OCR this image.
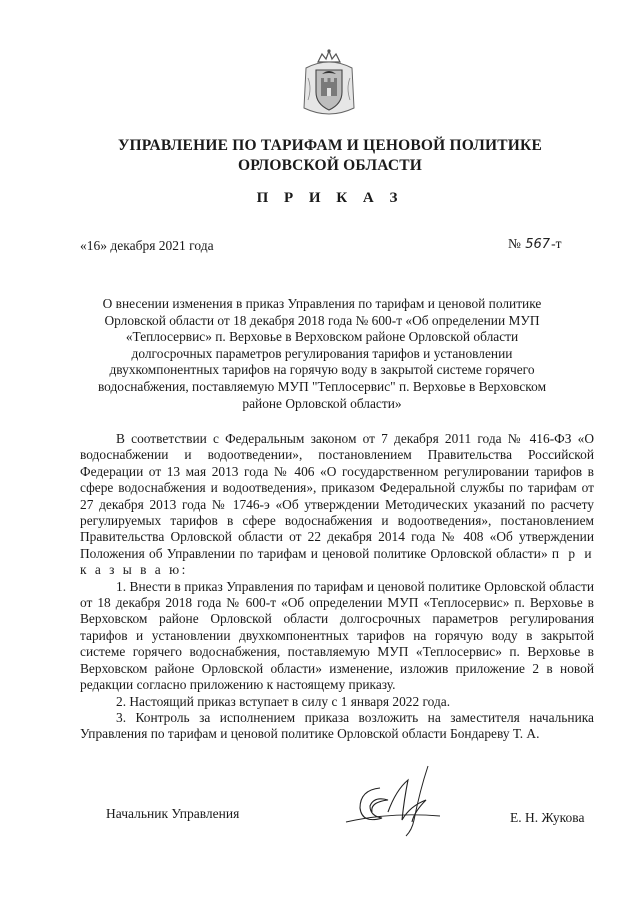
УПРАВЛЕНИЕ ПО ТАРИФАМ И ЦЕНОВОЙ ПОЛИТИКЕ
ОРЛОВСКОЙ ОБЛАСТИ
П Р И К А З
«16» декабря 2021 года	№ 567-т
О внесении изменения в приказ Управления по тарифам и ценовой политике Орловской области от 18 декабря 2018 года № 600-т «Об определении МУП «Теплосервис» п. Верховье в Верховском районе Орловской области долгосрочных параметров регулирования тарифов и установлении двухкомпонентных тарифов на горячую воду в закрытой системе горячего водоснабжения, поставляемую МУП "Теплосервис" п. Верховье в Верховском районе Орловской области»

В соответствии с Федеральным законом от 7 декабря 2011 года № 416-ФЗ «О водоснабжении и водоотведении», постановлением Правительства Российской Федерации от 13 мая 2013 года № 406 «О государственном регулировании тарифов в сфере водоснабжения и водоотведения», приказом Федеральной службы по тарифам от 27 декабря 2013 года № 1746-э «Об утверждении Методических указаний по расчету регулируемых тарифов в сфере водоснабжения и водоотведения», постановлением Правительства Орловской области от 22 декабря 2014 года № 408 «Об утверждении Положения об Управлении по тарифам и ценовой политике Орловской области» п р и к а з ы в а ю:

1. Внести в приказ Управления по тарифам и ценовой политике Орловской области от 18 декабря 2018 года № 600-т «Об определении МУП «Теплосервис» п. Верховье в Верховском районе Орловской области долгосрочных параметров регулирования тарифов и установлении двухкомпонентных тарифов на горячую воду в закрытой системе горячего водоснабжения, поставляемую МУП «Теплосервис» п. Верховье в Верховском районе Орловской области» изменение, изложив приложение 2 в новой редакции согласно приложению к настоящему приказу.

2. Настоящий приказ вступает в силу с 1 января 2022 года.

3. Контроль за исполнением приказа возложить на заместителя начальника Управления по тарифам и ценовой политике Орловской области Бондареву Т. А.

Начальник Управления	Е. Н. Жукова
